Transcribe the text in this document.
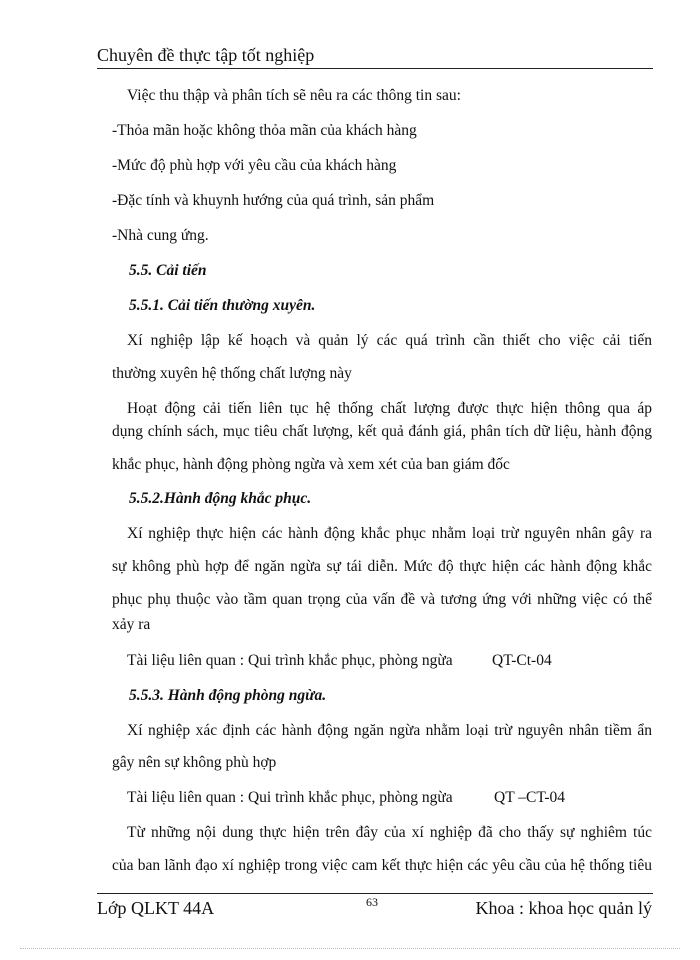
Chuyên đề thực tập tốt nghiệp
Việc thu thập và phân tích sẽ nêu ra các thông tin sau:
-Thỏa mãn hoặc không thỏa mãn của khách hàng
-Mức độ phù hợp với yêu cầu của khách hàng
-Đặc tính và khuynh hướng của quá trình, sản phẩm
-Nhà cung ứng.
5.5. Cải tiến
5.5.1. Cải tiến thường xuyên.
Xí nghiệp lập kế hoạch và quản lý các quá trình cần thiết cho việc cải tiến
thường xuyên hệ thống chất lượng này
Hoạt động cải tiến liên tục hệ thống chất lượng được thực hiện thông qua áp
dụng chính sách, mục tiêu chất lượng, kết quả đánh giá, phân tích dữ liệu, hành động
khắc phục, hành động phòng ngừa và xem xét của ban giám đốc
5.5.2.Hành động khắc phục.
Xí nghiệp thực hiện các hành động khắc phục nhằm loại trừ nguyên nhân gây ra
sự không phù hợp để ngăn ngừa sự tái diễn. Mức độ thực hiện các hành động khắc
phục phụ thuộc vào tầm quan trọng của vấn đề và tương ứng với những việc có thể
xảy ra
Tài liệu liên quan : Qui trình khắc phục, phòng ngừa	QT-Ct-04
5.5.3. Hành động phòng ngừa.
Xí nghiệp xác định các hành động ngăn ngừa nhằm loại trừ nguyên nhân tiềm ẩn
gây nên sự không phù hợp
Tài liệu liên quan : Qui trình khắc phục, phòng ngừa	QT –CT-04
Từ những nội dung thực hiện trên đây của xí nghiệp đã cho thấy sự nghiêm túc
của ban lãnh đạo xí nghiệp trong việc cam kết thực hiện các yêu cầu của hệ thống tiêu
Lớp QLKT 44A	63	Khoa : khoa học quản lý
